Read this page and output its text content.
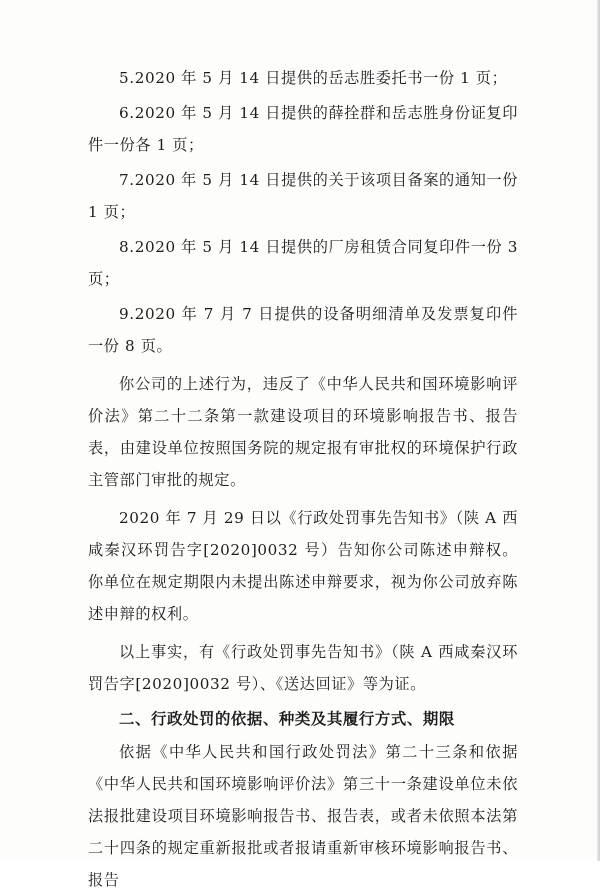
5.2020 年 5 月 14 日提供的岳志胜委托书一份 1 页；

6.2020 年 5 月 14 日提供的薛拴群和岳志胜身份证复印件一份各 1 页；

7.2020 年 5 月 14 日提供的关于该项目备案的通知一份 1 页；

8.2020 年 5 月 14 日提供的厂房租赁合同复印件一份 3 页；

9.2020 年 7 月 7 日提供的设备明细清单及发票复印件一份 8 页。

你公司的上述行为，违反了《中华人民共和国环境影响评价法》第二十二条第一款建设项目的环境影响报告书、报告表，由建设单位按照国务院的规定报有审批权的环境保护行政主管部门审批的规定。

2020 年 7 月 29 日以《行政处罚事先告知书》（陕 A 西咸秦汉环罚告字[2020]0032 号）告知你公司陈述申辩权。你单位在规定期限内未提出陈述申辩要求，视为你公司放弃陈述申辩的权利。

以上事实，有《行政处罚事先告知书》（陕 A 西咸秦汉环罚告字[2020]0032 号）、《送达回证》等为证。

二、行政处罚的依据、种类及其履行方式、期限

依据《中华人民共和国行政处罚法》第二十三条和依据《中华人民共和国环境影响评价法》第三十一条建设单位未依法报批建设项目环境影响报告书、报告表，或者未依照本法第二十四条的规定重新报批或者报请重新审核环境影响报告书、报告
